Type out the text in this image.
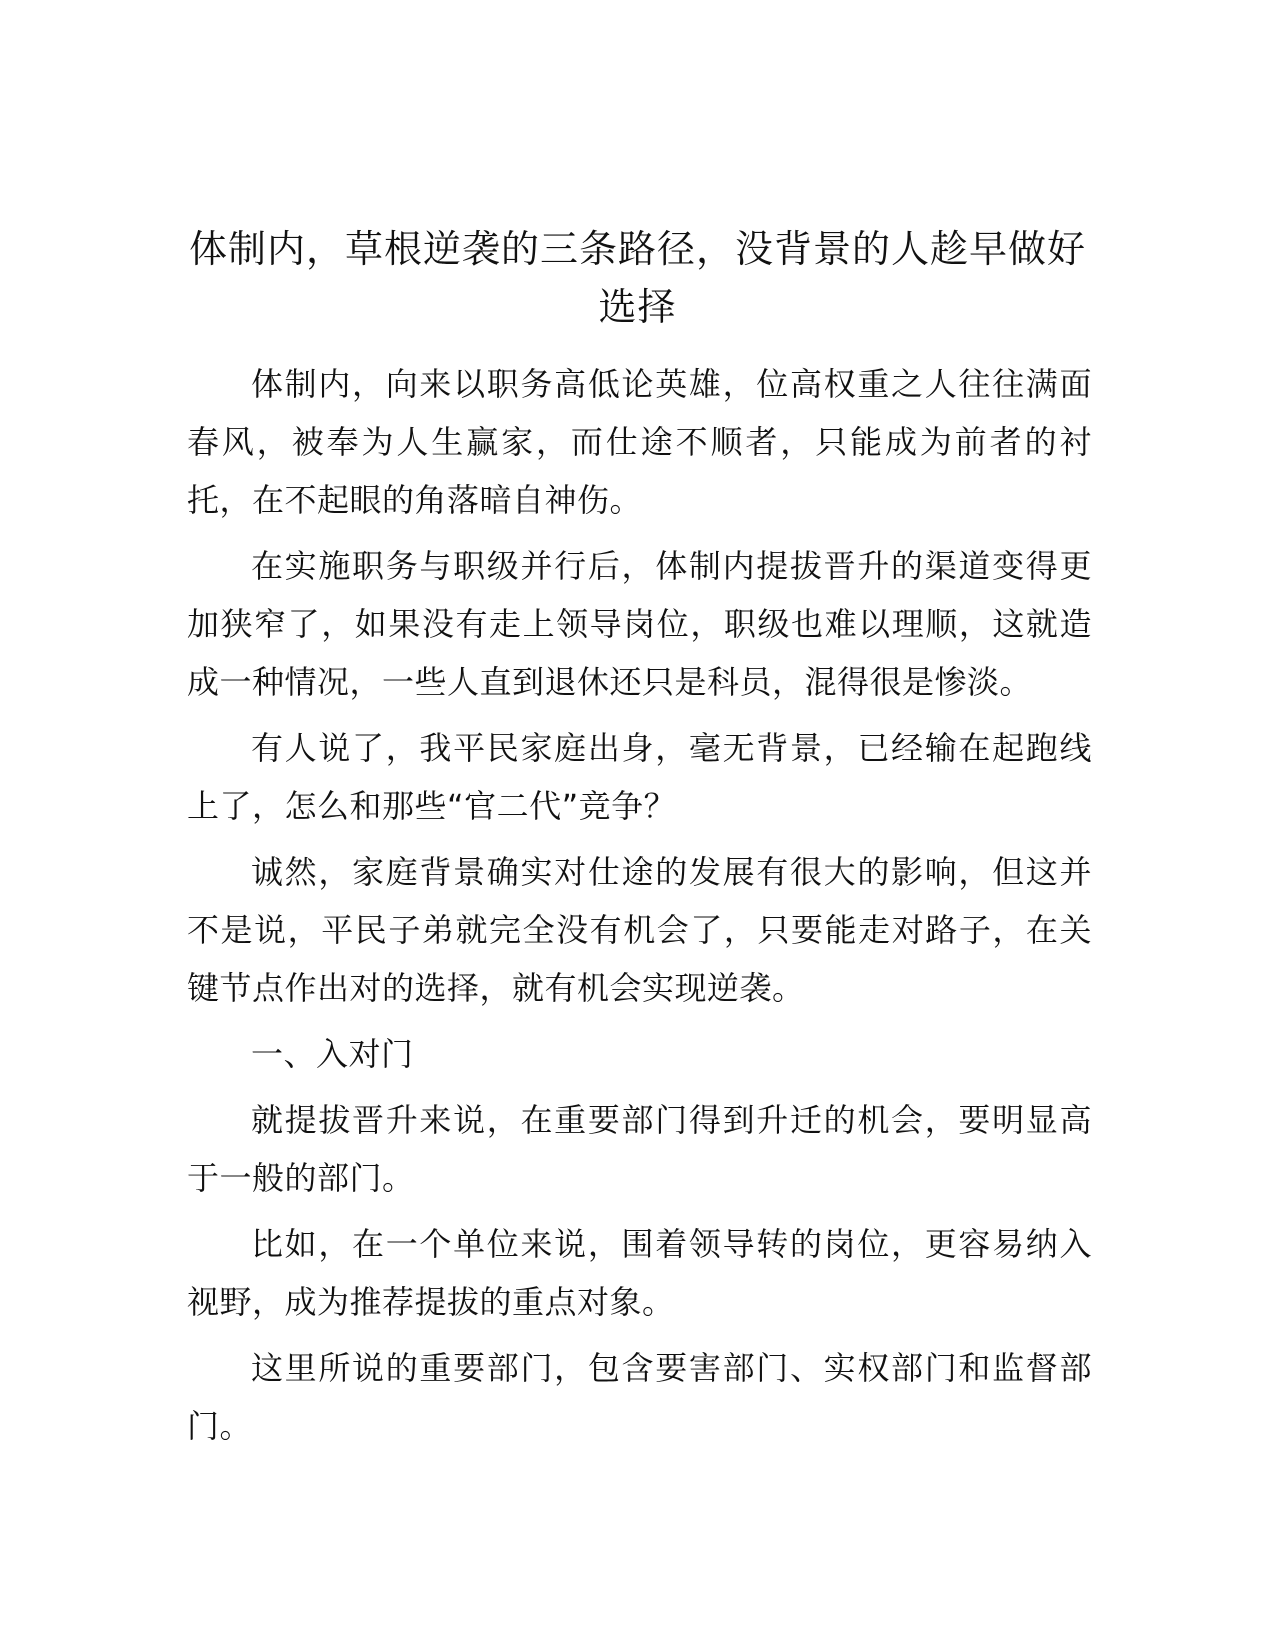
体制内，草根逆袭的三条路径，没背景的人趁早做好选择

体制内，向来以职务高低论英雄，位高权重之人往往满面春风，被奉为人生赢家，而仕途不顺者，只能成为前者的衬托，在不起眼的角落暗自神伤。

在实施职务与职级并行后，体制内提拔晋升的渠道变得更加狭窄了，如果没有走上领导岗位，职级也难以理顺，这就造成一种情况，一些人直到退休还只是科员，混得很是惨淡。

有人说了，我平民家庭出身，毫无背景，已经输在起跑线上了，怎么和那些“官二代”竞争？

诚然，家庭背景确实对仕途的发展有很大的影响，但这并不是说，平民子弟就完全没有机会了，只要能走对路子，在关键节点作出对的选择，就有机会实现逆袭。

一、入对门

就提拔晋升来说，在重要部门得到升迁的机会，要明显高于一般的部门。

比如，在一个单位来说，围着领导转的岗位，更容易纳入视野，成为推荐提拔的重点对象。

这里所说的重要部门，包含要害部门、实权部门和监督部门。
